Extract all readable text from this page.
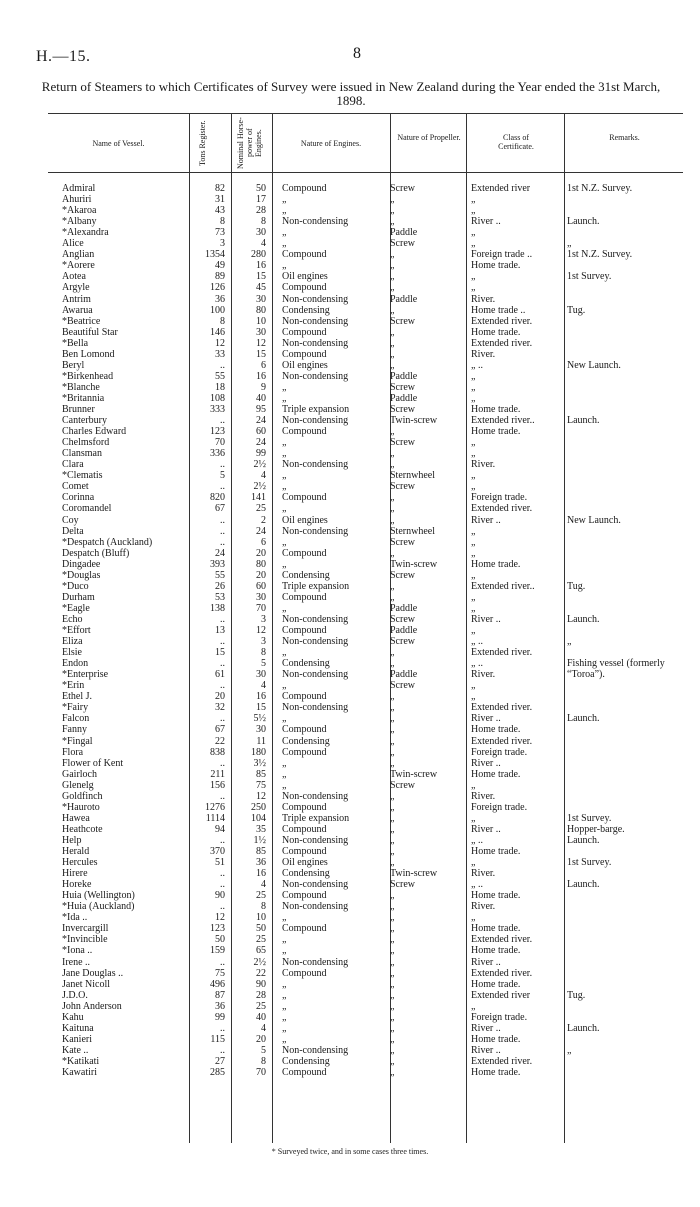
H.—15.	8
Return of Steamers to which Certificates of Survey were issued in New Zealand during the Year ended the 31st March, 1898.
Name of Vessel.	Tons Register.	Nominal Horse-power of Engines.	Nature of Engines.
Nature of Propeller.	Class of Certificate.
Remarks.
Admiral	82	50 Compound	Screw	Extended river	1st N.Z. Survey.
Ahuriri	31	17 „	„	„
*Akaroa	43	28 „	„	„
*Albany	8	8 Non-condensing	„	River ..	Launch.
*Alexandra	73	30 „	Paddle	„
Alice	3	4 „	Screw	„	„
Anglian	1354	280 Compound	„	Foreign trade ..	1st N.Z. Survey.
*Aorere	49	16 „	„	Home trade.
Aotea	89	15 Oil engines	„	„	1st Survey.
Argyle	126	45 Compound	„	„
Antrim	36	30 Non-condensing	Paddle	River.
Awarua	100	80 Condensing	„	Home trade ..	Tug.
*Beatrice	8	10 Non-condensing	Screw	Extended river.
Beautiful Star	146	30 Compound	„	Home trade.
*Bella	12	12 Non-condensing	„	Extended river.
Ben Lomond	33	15 Compound	„	River.
Beryl	..	6 Oil engines	„	„ ..	New Launch.
*Birkenhead	55	16 Non-condensing	Paddle	„
*Blanche	18	9 „	Screw	„
*Britannia	108	40 „	Paddle	„
Brunner	333	95 Triple expansion	Screw	Home trade.
Canterbury	..	24 Non-condensing	Twin-screw	Extended river..	Launch.
Charles Edward	123	60 Compound	„	Home trade.
Chelmsford	70	24 „	Screw	„
Clansman	336	99 „	„	„
Clara	..	2½ Non-condensing	„	River.
*Clematis	5	4 „	Sternwheel	„
Comet	..	2½ „	Screw	„
Corinna	820	141 Compound	„	Foreign trade.
Coromandel	67	25 „	„	Extended river.
Coy	..	2 Oil engines	„	River ..	New Launch.
Delta	..	24 Non-condensing	Sternwheel	„
*Despatch (Auckland)	..	6 „	Screw	„
Despatch (Bluff)	24	20 Compound	„	„
Dingadee	393	80 „	Twin-screw	Home trade.
*Douglas	55	20 Condensing	Screw	„
*Duco	26	60 Triple expansion	„	Extended river..	Tug.
Durham	53	30 Compound	„	„
*Eagle	138	70 „	Paddle	„
Echo	..	3 Non-condensing	Screw	River ..	Launch.
*Effort	13	12 Compound	Paddle	„
Eliza	..	3 Non-condensing	Screw	„ ..	„
Elsie	15	8 „	„	Extended river.
Endon	..	5 Condensing	„	„ ..	Fishing vessel (formerly “Toroa”).
*Enterprise	61	30 Non-condensing	Paddle	River.
*Erin	..	4 „	Screw	„
Ethel J.	20	16 Compound	„	„
*Fairy	32	15 Non-condensing	„	Extended river.
Falcon	..	5½ „	„	River ..	Launch.
Fanny	67	30 Compound	„	Home trade.
*Fingal	22	11 Condensing	„	Extended river.
Flora	838	180 Compound	„	Foreign trade.
Flower of Kent	..	3½ „	„	River ..
Gairloch	211	85 „	Twin-screw	Home trade.
Glenelg	156	75 „	Screw	„
Goldfinch	..	12 Non-condensing	„	River.
*Hauroto	1276	250 Compound	„	Foreign trade.
Hawea	1114	104 Triple expansion	„	„	1st Survey.
Heathcote	94	35 Compound	„	River ..	Hopper-barge.
Help	..	1½ Non-condensing	„	„ ..	Launch.
Herald	370	85 Compound	„	Home trade.
Hercules	51	36 Oil engines	„	„	1st Survey.
Hirere	..	16 Condensing	Twin-screw	River.
Horeke	..	4 Non-condensing	Screw	„ ..	Launch.
Huia (Wellington)	90	25 Compound	„	Home trade.
*Huia (Auckland)	..	8 Non-condensing	„	River.
*Ida ..	12	10 „	„	„
Invercargill	123	50 Compound	„	Home trade.
*Invincible	50	25 „	„	Extended river.
*Iona ..	159	65 „	„	Home trade.
Irene ..	..	2½ Non-condensing	„	River ..
Jane Douglas ..	75	22 Compound	„	Extended river.
Janet Nicoll	496	90 „	„	Home trade.
J.D.O.	87	28 „	„	Extended river	Tug.
John Anderson	36	25 „	„	„
Kahu	99	40 „	„	Foreign trade.
Kaituna	..	4 „	„	River ..	Launch.
Kanieri	115	20 „	„	Home trade.
Kate ..	..	5 Non-condensing	„	River ..	„
*Katikati	27	8 Condensing	„	Extended river.
Kawatiri	285	70 Compound	„	Home trade.
* Surveyed twice, and in some cases three times.
